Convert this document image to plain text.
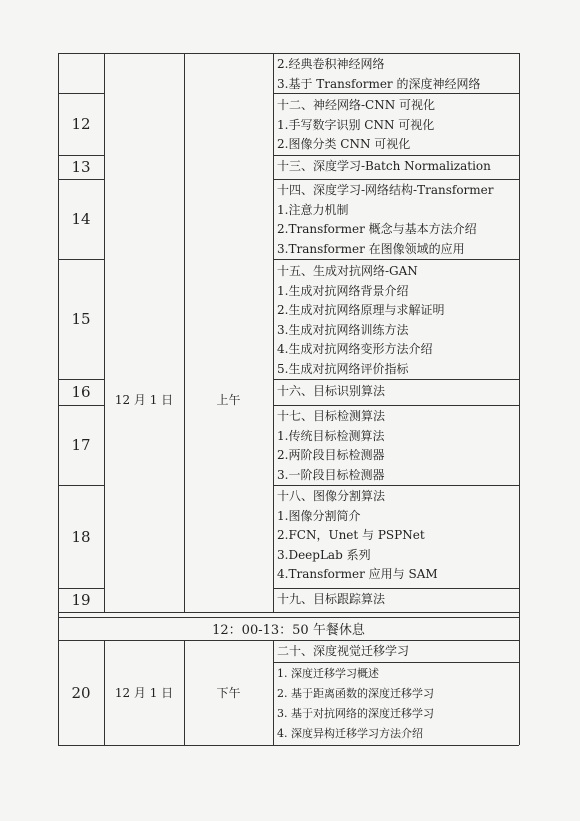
12
13
14
15
16
17
18
19
20
12 月 1 日	上午
12 月 1 日	下午
2.经典卷积神经网络
3.基于 Transformer 的深度神经网络
十二、神经网络-CNN 可视化
1.手写数字识别 CNN 可视化
2.图像分类 CNN 可视化
十三、深度学习-Batch Normalization
十四、深度学习-网络结构-Transformer
1.注意力机制
2.Transformer 概念与基本方法介绍
3.Transformer 在图像领域的应用
十五、生成对抗网络-GAN
1.生成对抗网络背景介绍
2.生成对抗网络原理与求解证明
3.生成对抗网络训练方法
4.生成对抗网络变形方法介绍
5.生成对抗网络评价指标
十六、目标识别算法
十七、目标检测算法
1.传统目标检测算法
2.两阶段目标检测器
3.一阶段目标检测器
十八、图像分割算法
1.图像分割简介
2.FCN，Unet 与 PSPNet
3.DeepLab 系列
4.Transformer 应用与 SAM
十九、目标跟踪算法
12：00-13：50 午餐休息
二十、深度视觉迁移学习
1. 深度迁移学习概述
2. 基于距离函数的深度迁移学习
3. 基于对抗网络的深度迁移学习
4. 深度异构迁移学习方法介绍
